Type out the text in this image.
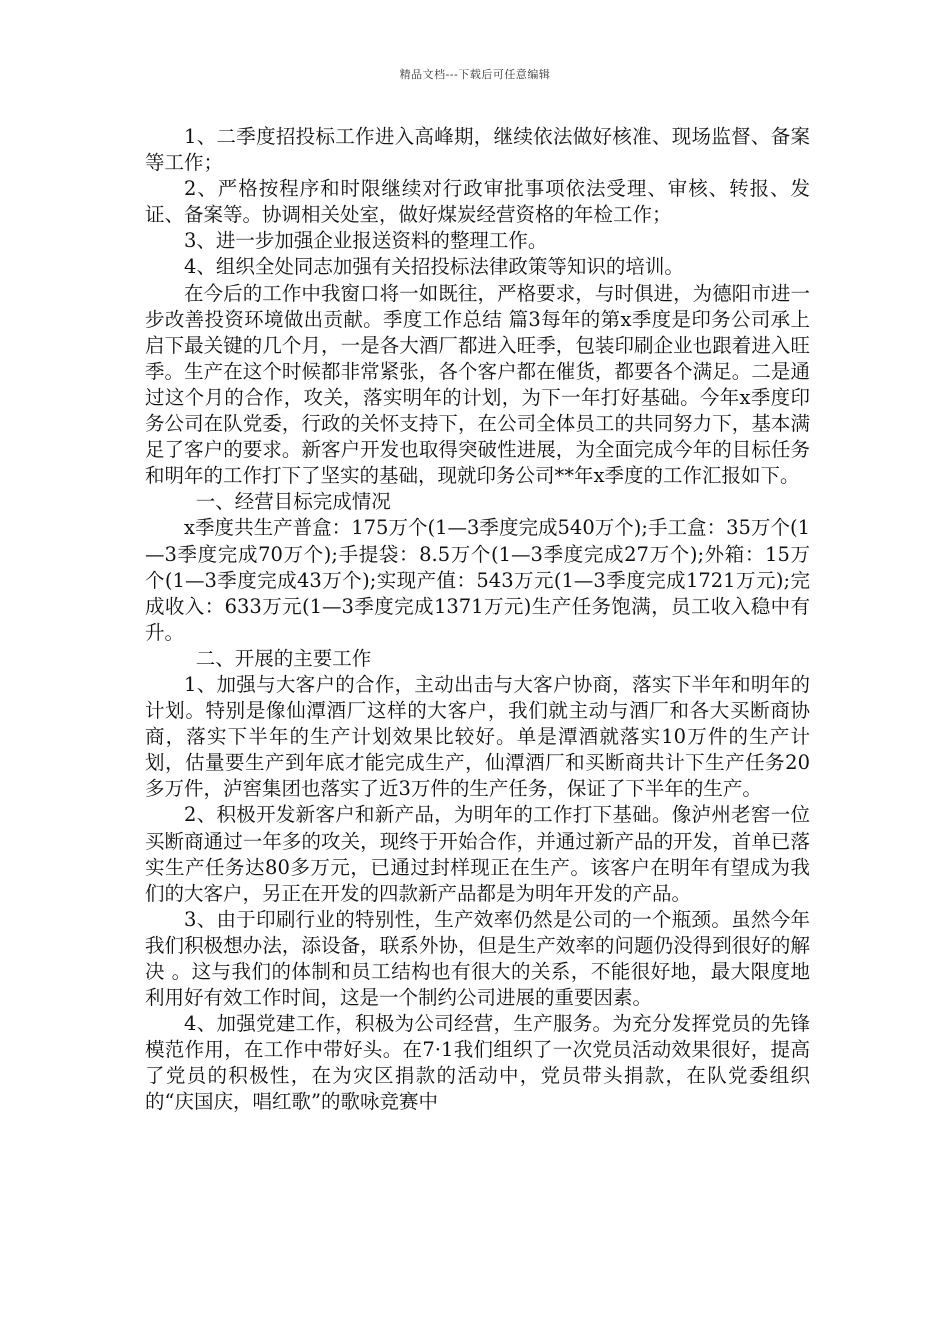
精品文档---下载后可任意编辑

1、二季度招投标工作进入高峰期，继续依法做好核准、现场监督、备案等工作；

2、严格按程序和时限继续对行政审批事项依法受理、审核、转报、发证、备案等。协调相关处室，做好煤炭经营资格的年检工作；

3、进一步加强企业报送资料的整理工作。

4、组织全处同志加强有关招投标法律政策等知识的培训。

在今后的工作中我窗口将一如既往，严格要求，与时俱进，为德阳市进一步改善投资环境做出贡献。季度工作总结 篇3每年的第x季度是印务公司承上启下最关键的几个月，一是各大酒厂都进入旺季，包装印刷企业也跟着进入旺季。生产在这个时候都非常紧张，各个客户都在催货，都要各个满足。二是通过这个月的合作，攻关，落实明年的计划，为下一年打好基础。今年x季度印务公司在队党委，行政的关怀支持下，在公司全体员工的共同努力下，基本满足了客户的要求。新客户开发也取得突破性进展，为全面完成今年的目标任务和明年的工作打下了坚实的基础，现就印务公司**年x季度的工作汇报如下。

一、经营目标完成情况

x季度共生产普盒：175万个(1—3季度完成540万个);手工盒：35万个(1—3季度完成70万个);手提袋：8.5万个(1—3季度完成27万个);外箱：15万个(1—3季度完成43万个);实现产值：543万元(1—3季度完成1721万元);完成收入：633万元(1—3季度完成1371万元)生产任务饱满，员工收入稳中有升。

二、开展的主要工作

1、加强与大客户的合作，主动出击与大客户协商，落实下半年和明年的计划。特别是像仙潭酒厂这样的大客户，我们就主动与酒厂和各大买断商协商，落实下半年的生产计划效果比较好。单是潭酒就落实10万件的生产计划，估量要生产到年底才能完成生产，仙潭酒厂和买断商共计下生产任务20多万件，泸窖集团也落实了近3万件的生产任务，保证了下半年的生产。

2、积极开发新客户和新产品，为明年的工作打下基础。像泸州老窖一位买断商通过一年多的攻关，现终于开始合作，并通过新产品的开发，首单已落实生产任务达80多万元，已通过封样现正在生产。该客户在明年有望成为我们的大客户，另正在开发的四款新产品都是为明年开发的产品。

3、由于印刷行业的特别性，生产效率仍然是公司的一个瓶颈。虽然今年我们积极想办法，添设备，联系外协，但是生产效率的问题仍没得到很好的解决 。这与我们的体制和员工结构也有很大的关系，不能很好地，最大限度地利用好有效工作时间，这是一个制约公司进展的重要因素。

4、加强党建工作，积极为公司经营，生产服务。为充分发挥党员的先锋模范作用，在工作中带好头。在7·1我们组织了一次党员活动效果很好，提高了党员的积极性，在为灾区捐款的活动中，党员带头捐款，在队党委组织的“庆国庆，唱红歌”的歌咏竞赛中
